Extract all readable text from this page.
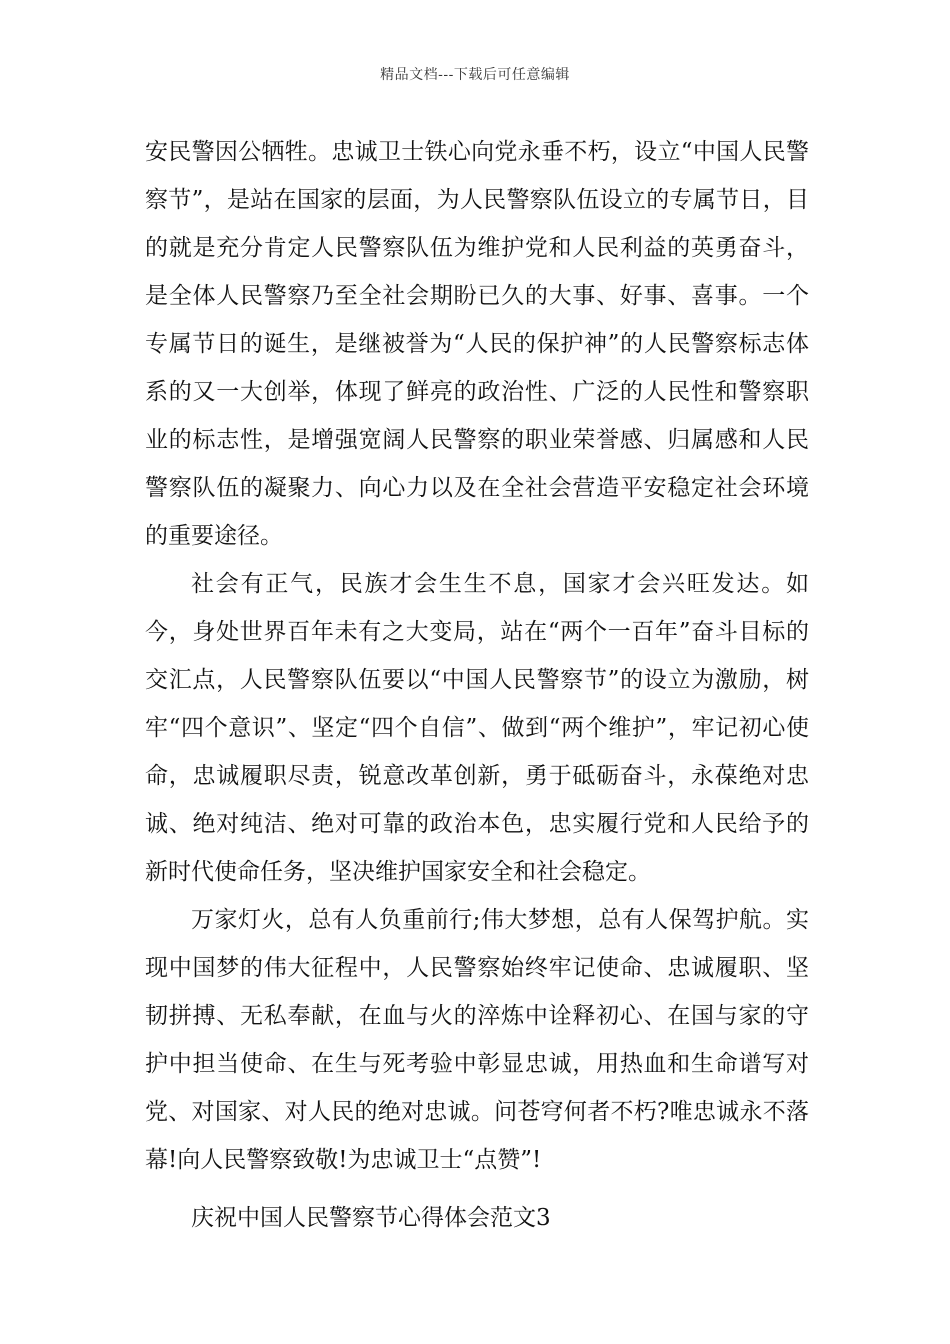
精品文档---下载后可任意编辑

安民警因公牺牲。忠诚卫士铁心向党永垂不朽，设立“中国人民警察节”，是站在国家的层面，为人民警察队伍设立的专属节日，目的就是充分肯定人民警察队伍为维护党和人民利益的英勇奋斗，是全体人民警察乃至全社会期盼已久的大事、好事、喜事。一个专属节日的诞生，是继被誉为“人民的保护神”的人民警察标志体系的又一大创举，体现了鲜亮的政治性、广泛的人民性和警察职业的标志性，是增强宽阔人民警察的职业荣誉感、归属感和人民警察队伍的凝聚力、向心力以及在全社会营造平安稳定社会环境的重要途径。

社会有正气，民族才会生生不息，国家才会兴旺发达。如今，身处世界百年未有之大变局，站在“两个一百年”奋斗目标的交汇点，人民警察队伍要以“中国人民警察节”的设立为激励，树牢“四个意识”、坚定“四个自信”、做到“两个维护”，牢记初心使命，忠诚履职尽责，锐意改革创新，勇于砥砺奋斗，永葆绝对忠诚、绝对纯洁、绝对可靠的政治本色，忠实履行党和人民给予的新时代使命任务，坚决维护国家安全和社会稳定。

万家灯火，总有人负重前行;伟大梦想，总有人保驾护航。实现中国梦的伟大征程中，人民警察始终牢记使命、忠诚履职、坚韧拼搏、无私奉献，在血与火的淬炼中诠释初心、在国与家的守护中担当使命、在生与死考验中彰显忠诚，用热血和生命谱写对党、对国家、对人民的绝对忠诚。问苍穹何者不朽?唯忠诚永不落幕!向人民警察致敬!为忠诚卫士“点赞”!

庆祝中国人民警察节心得体会范文3
